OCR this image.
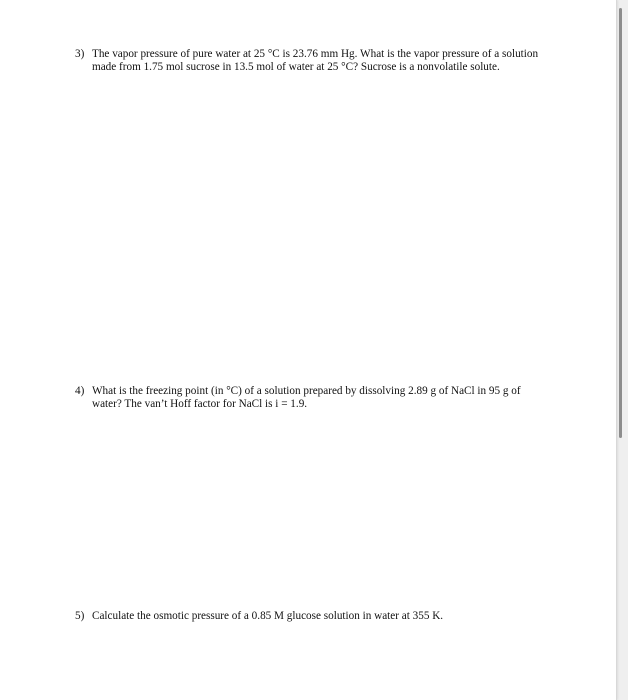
3) The vapor pressure of pure water at 25 °C is 23.76 mm Hg. What is the vapor pressure of a solution
made from 1.75 mol sucrose in 13.5 mol of water at 25 °C? Sucrose is a nonvolatile solute.
4) What is the freezing point (in °C) of a solution prepared by dissolving 2.89 g of NaCl in 95 g of
water? The van’t Hoff factor for NaCl is i = 1.9.
5) Calculate the osmotic pressure of a 0.85 M glucose solution in water at 355 K.
